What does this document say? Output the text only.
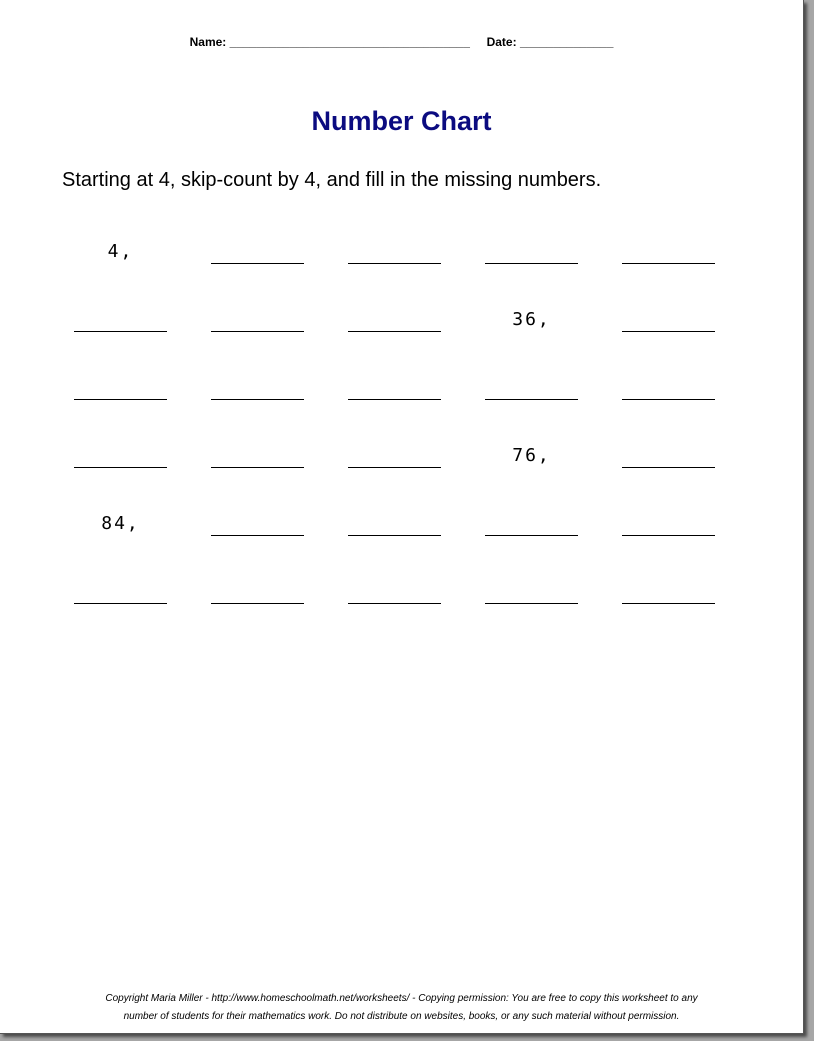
Name: ____________________________________ Date: ______________
Number Chart
Starting at 4, skip-count by 4, and fill in the missing numbers.
4,
36,
76,
84,
Copyright Maria Miller - http://www.homeschoolmath.net/worksheets/ - Copying permission: You are free to copy this worksheet to any
number of students for their mathematics work. Do not distribute on websites, books, or any such material without permission.
